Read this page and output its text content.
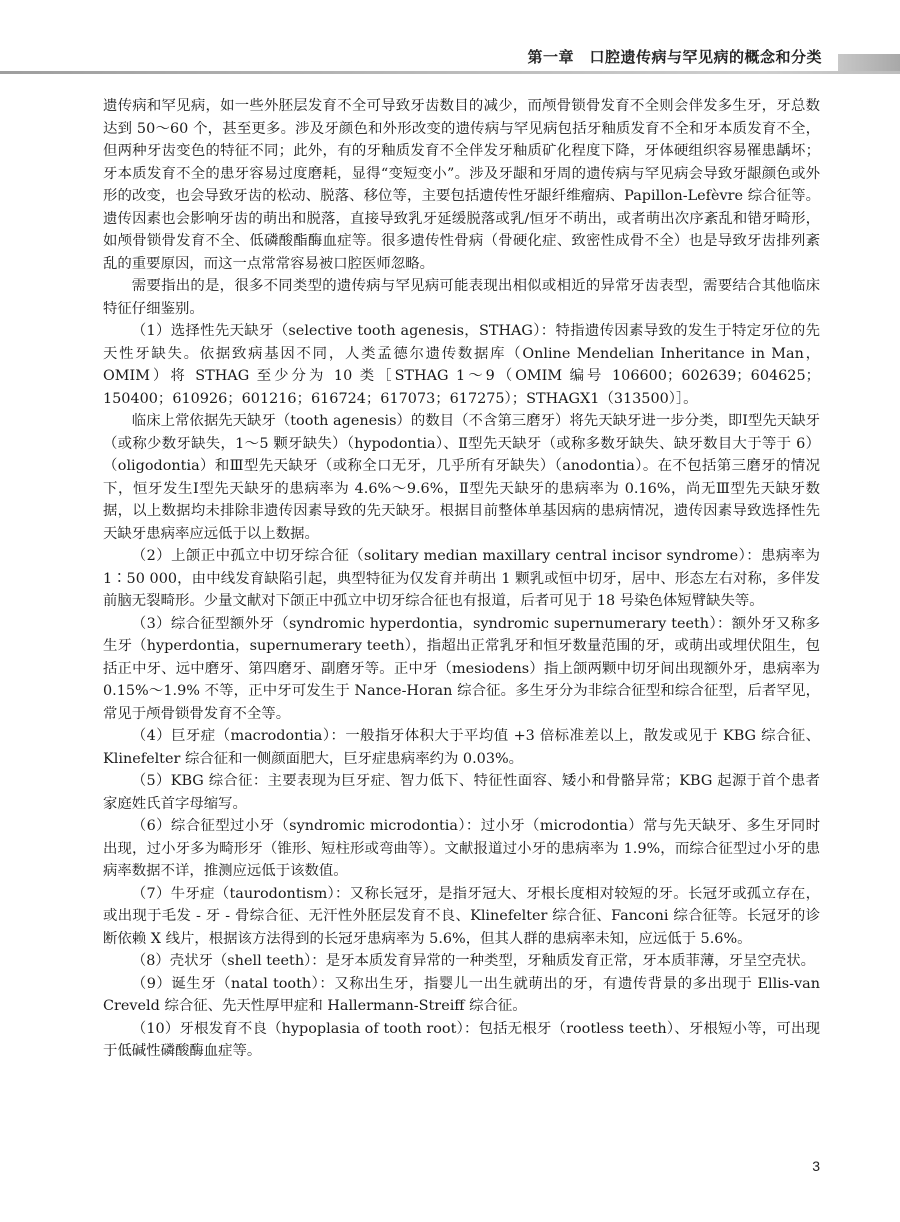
第一章　口腔遗传病与罕见病的概念和分类

遗传病和罕见病，如一些外胚层发育不全可导致牙齿数目的减少，而颅骨锁骨发育不全则会伴发多生牙，牙总数达到 50～60 个，甚至更多。涉及牙颜色和外形改变的遗传病与罕见病包括牙釉质发育不全和牙本质发育不全，但两种牙齿变色的特征不同；此外，有的牙釉质发育不全伴发牙釉质矿化程度下降，牙体硬组织容易罹患龋坏；牙本质发育不全的患牙容易过度磨耗，显得“变短变小”。涉及牙龈和牙周的遗传病与罕见病会导致牙龈颜色或外形的改变，也会导致牙齿的松动、脱落、移位等，主要包括遗传性牙龈纤维瘤病、Papillon-Lefèvre 综合征等。遗传因素也会影响牙齿的萌出和脱落，直接导致乳牙延缓脱落或乳/恒牙不萌出，或者萌出次序紊乱和错牙畸形，如颅骨锁骨发育不全、低磷酸酯酶血症等。很多遗传性骨病（骨硬化症、致密性成骨不全）也是导致牙齿排列紊乱的重要原因，而这一点常常容易被口腔医师忽略。

需要指出的是，很多不同类型的遗传病与罕见病可能表现出相似或相近的异常牙齿表型，需要结合其他临床特征仔细鉴别。

（1）选择性先天缺牙（selective tooth agenesis，STHAG）：特指遗传因素导致的发生于特定牙位的先天性牙缺失。依据致病基因不同，人类孟德尔遗传数据库（Online Mendelian Inheritance in Man，OMIM）将 STHAG 至少分为 10 类［STHAG 1～9（OMIM 编号 106600；602639；604625；150400；610926；601216；616724；617073；617275）；STHAGX1（313500）］。

临床上常依据先天缺牙（tooth agenesis）的数目（不含第三磨牙）将先天缺牙进一步分类，即Ⅰ型先天缺牙（或称少数牙缺失，1～5 颗牙缺失）（hypodontia）、Ⅱ型先天缺牙（或称多数牙缺失、缺牙数目大于等于 6）（oligodontia）和Ⅲ型先天缺牙（或称全口无牙，几乎所有牙缺失）（anodontia）。在不包括第三磨牙的情况下，恒牙发生Ⅰ型先天缺牙的患病率为 4.6%～9.6%，Ⅱ型先天缺牙的患病率为 0.16%，尚无Ⅲ型先天缺牙数据，以上数据均未排除非遗传因素导致的先天缺牙。根据目前整体单基因病的患病情况，遗传因素导致选择性先天缺牙患病率应远低于以上数据。

（2）上颌正中孤立中切牙综合征（solitary median maxillary central incisor syndrome）：患病率为 1∶50 000，由中线发育缺陷引起，典型特征为仅发育并萌出 1 颗乳或恒中切牙，居中、形态左右对称，多伴发前脑无裂畸形。少量文献对下颌正中孤立中切牙综合征也有报道，后者可见于 18 号染色体短臂缺失等。

（3）综合征型额外牙（syndromic hyperdontia，syndromic supernumerary teeth）：额外牙又称多生牙（hyperdontia，supernumerary teeth），指超出正常乳牙和恒牙数量范围的牙，或萌出或埋伏阻生，包括正中牙、远中磨牙、第四磨牙、副磨牙等。正中牙（mesiodens）指上颌两颗中切牙间出现额外牙，患病率为 0.15%～1.9% 不等，正中牙可发生于 Nance-Horan 综合征。多生牙分为非综合征型和综合征型，后者罕见，常见于颅骨锁骨发育不全等。

（4）巨牙症（macrodontia）：一般指牙体积大于平均值 +3 倍标准差以上，散发或见于 KBG 综合征、Klinefelter 综合征和一侧颜面肥大，巨牙症患病率约为 0.03%。

（5）KBG 综合征：主要表现为巨牙症、智力低下、特征性面容、矮小和骨骼异常；KBG 起源于首个患者家庭姓氏首字母缩写。

（6）综合征型过小牙（syndromic microdontia）：过小牙（microdontia）常与先天缺牙、多生牙同时出现，过小牙多为畸形牙（锥形、短柱形或弯曲等）。文献报道过小牙的患病率为 1.9%，而综合征型过小牙的患病率数据不详，推测应远低于该数值。

（7）牛牙症（taurodontism）：又称长冠牙，是指牙冠大、牙根长度相对较短的牙。长冠牙或孤立存在，或出现于毛发 - 牙 - 骨综合征、无汗性外胚层发育不良、Klinefelter 综合征、Fanconi 综合征等。长冠牙的诊断依赖 X 线片，根据该方法得到的长冠牙患病率为 5.6%，但其人群的患病率未知，应远低于 5.6%。

（8）壳状牙（shell teeth）：是牙本质发育异常的一种类型，牙釉质发育正常，牙本质菲薄，牙呈空壳状。

（9）诞生牙（natal tooth）：又称出生牙，指婴儿一出生就萌出的牙，有遗传背景的多出现于 Ellis-van Creveld 综合征、先天性厚甲症和 Hallermann-Streiff 综合征。

（10）牙根发育不良（hypoplasia of tooth root）：包括无根牙（rootless teeth）、牙根短小等，可出现于低碱性磷酸酶血症等。

3
